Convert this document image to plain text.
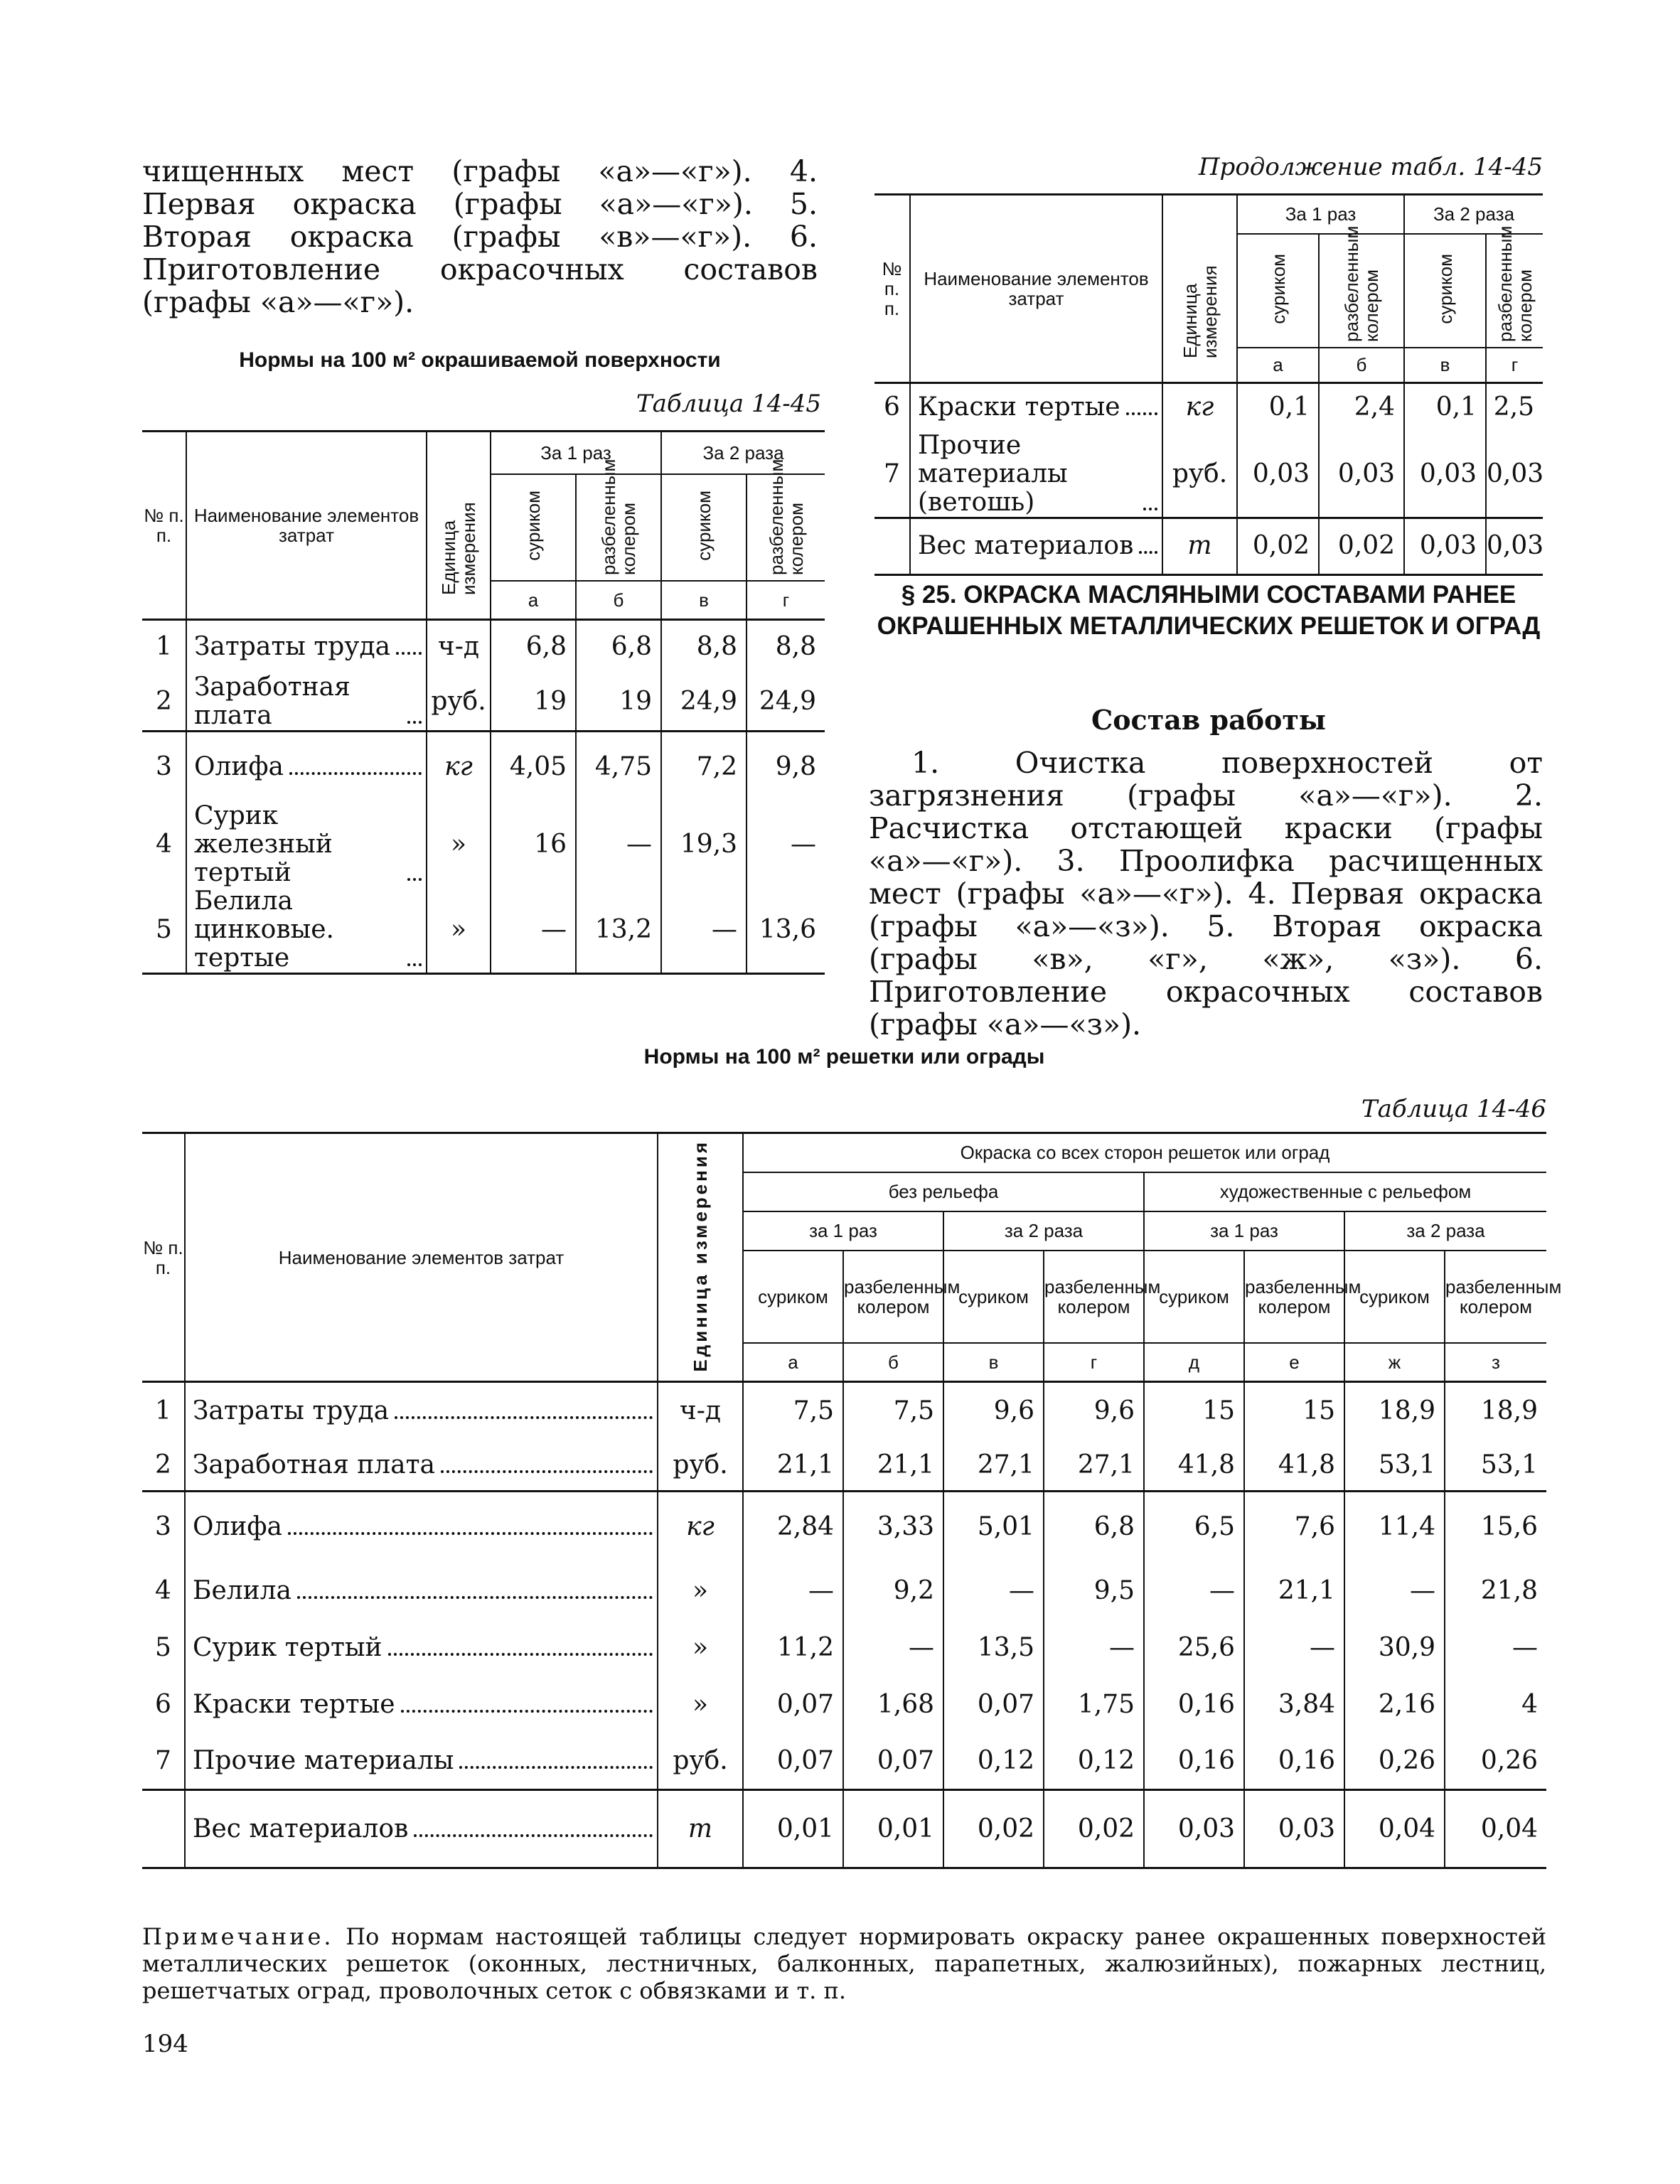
чищенных мест (графы «а»—«г»). 4. Первая окраска (графы «а»—«г»). 5. Вторая окраска (графы «в»—«г»). 6. Приготовление окрасочных составов (графы «а»—«г»).
Нормы на 100 м² окрашиваемой поверхности
Таблица 14-45
№ п. п.	Наименование элементов затрат	Единица измерения	За 1 раз		За 2 раза	
			суриком	разбеленным колером	суриком	разбеленным колером
			а	б	в	г
1	Затраты труда	ч-д	6,8	6,8	8,8	8,8
2	Заработная плата	руб.	19	19	24,9	24,9
3	Олифа	кг	4,05	4,75	7,2	9,8
4	Сурик железный тертый	»	16	—	19,3	—
5	Белила цинковые. тертые	»	—	13,2	—	13,6
Продолжение табл. 14-45
№ п. п.	Наименование элементов затрат	Единица измерения	За 1 раз		За 2 раза	
			суриком	разбеленным колером	суриком	разбеленным колером
			а	б	в	г
6	Краски тертые	кг	0,1	2,4	0,1	2,5
7	Прочие материалы (ветошь)	руб.	0,03	0,03	0,03	0,03

	Вес материалов	т	0,02	0,02	0,03	0,03
§ 25. ОКРАСКА МАСЛЯНЫМИ СОСТАВАМИ РАНЕЕ ОКРАШЕННЫХ МЕТАЛЛИЧЕСКИХ РЕШЕТОК И ОГРАД
Состав работы
1. Очистка поверхностей от загрязнения (графы «а»—«г»). 2. Расчистка отстающей краски (графы «а»—«г»). 3. Проолифка расчищенных мест (графы «а»—«г»). 4. Первая окраска (графы «а»—«з»). 5. Вторая окраска (графы «в», «г», «ж», «з»). 6. Приготовление окрасочных составов (графы «а»—«з»).
Нормы на 100 м² решетки или ограды
Таблица 14-46
№ п. п.	Наименование элементов затрат	Единица измерения	Окраска со всех сторон решеток или оград							
			без рельефа				художественные с рельефом			
			за 1 раз		за 2 раза		за 1 раз		за 2 раза	
			суриком	разбеленным колером	суриком	разбеленным колером	суриком	разбеленным колером	суриком	разбеленным колером
			а	б	в	г	д	е	ж	з
1	Затраты труда	ч-д	7,5	7,5	9,6	9,6	15	15	18,9	18,9
2	Заработная плата	руб.	21,1	21,1	27,1	27,1	41,8	41,8	53,1	53,1
3	Олифа	кг	2,84	3,33	5,01	6,8	6,5	7,6	11,4	15,6
4	Белила	»	—	9,2	—	9,5	—	21,1	—	21,8
5	Сурик тертый	»	11,2	—	13,5	—	25,6	—	30,9	—
6	Краски тертые	»	0,07	1,68	0,07	1,75	0,16	3,84	2,16	4
7	Прочие материалы	руб.	0,07	0,07	0,12	0,12	0,16	0,16	0,26	0,26

	Вес материалов	т	0,01	0,01	0,02	0,02	0,03	0,03	0,04	0,04
Примечание. По нормам настоящей таблицы следует нормировать окраску ранее окрашенных поверхностей металлических решеток (оконных, лестничных, балконных, парапетных, жалюзийных), пожарных лестниц, решетчатых оград, проволочных сеток с обвязками и т. п.
194
